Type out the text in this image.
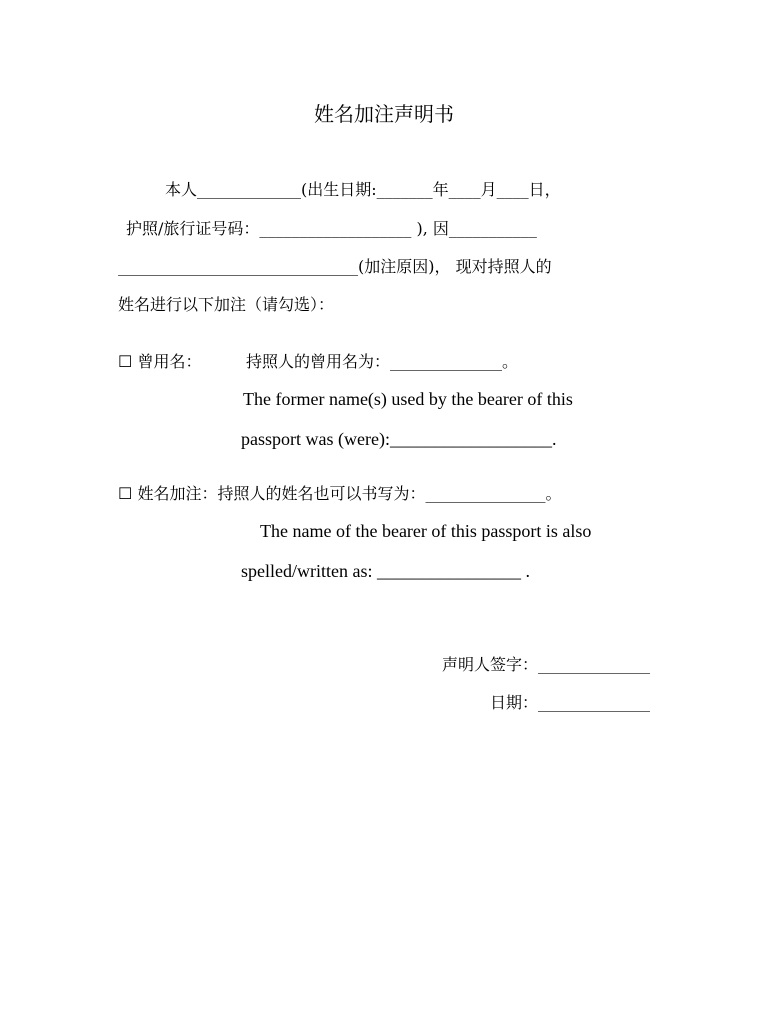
姓名加注声明书
本人_____________(出生日期:_______年____月____日，
护照/旅行证号码：___________________ ), 因___________
______________________________(加注原因)， 现对持照人的
姓名进行以下加注（请勾选）：
☐ 曾用名：	持照人的曾用名为：______________。
The former name(s) used by the bearer of this
passport was (were):__________________.
☐ 姓名加注：持照人的姓名也可以书写为：_______________。
The name of the bearer of this passport is also
spelled/written as: ________________ .
声明人签字：______________
日期：______________
